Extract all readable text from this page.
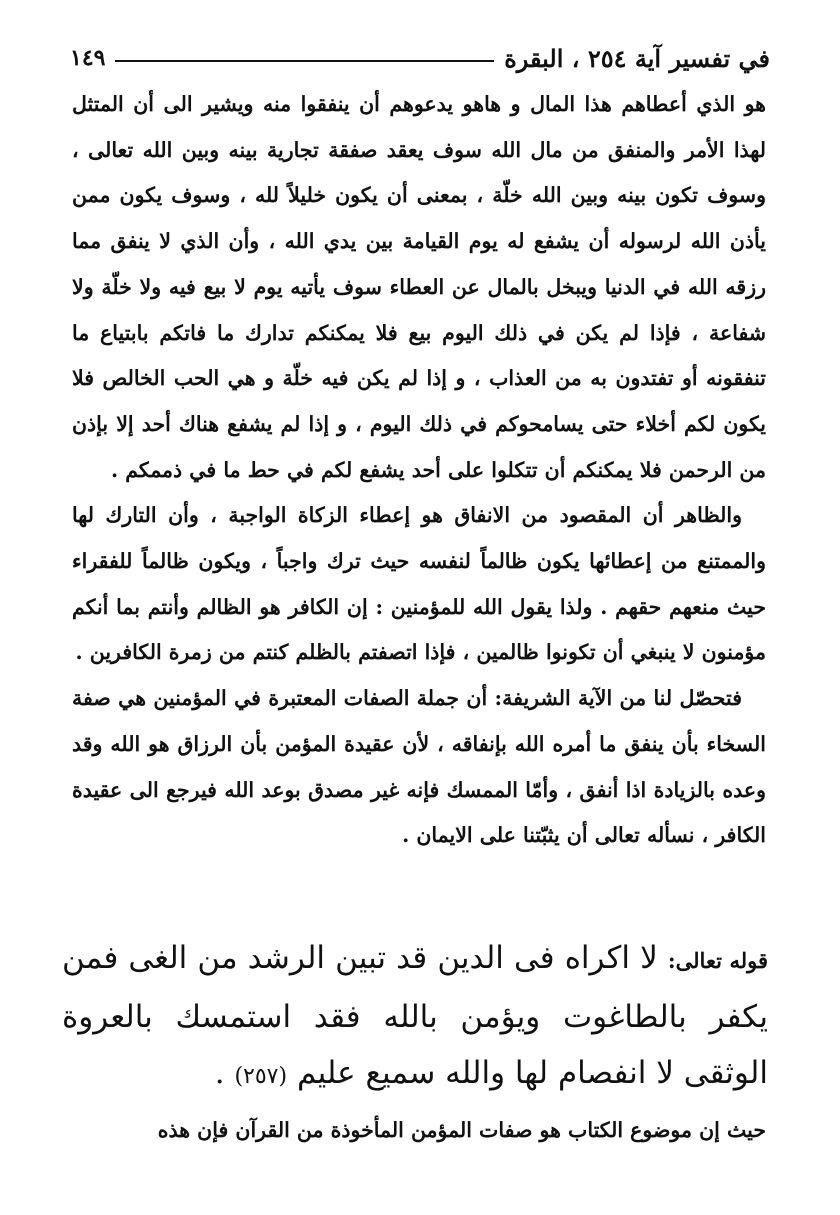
١٤٩	في تفسير آية ٢٥٤ ، البقرة

هو الذي أعطاهم هذا المال و هاهو يدعوهم أن ينفقوا منه ويشير الى أن المتثل لهذا الأمر والمنفق من مال الله سوف يعقد صفقة تجارية بينه وبين الله تعالى ، وسوف تكون بينه وبين الله خلّة ، بمعنى أن يكون خليلاً لله ، وسوف يكون ممن يأذن الله لرسوله أن يشفع له يوم القيامة بين يدي الله ، وأن الذي لا ينفق مما رزقه الله في الدنيا ويبخل بالمال عن العطاء سوف يأتيه يوم لا بيع فيه ولا خلّة ولا شفاعة ، فإذا لم يكن في ذلك اليوم بيع فلا يمكنكم تدارك ما فاتكم بابتياع ما تنفقونه أو تفتدون به من العذاب ، و إذا لم يكن فيه خلّة و هي الحب الخالص فلا يكون لكم أخلاء حتى يسامحوكم في ذلك اليوم ، و إذا لم يشفع هناك أحد إلا بإذن من الرحمن فلا يمكنكم أن تتكلوا على أحد يشفع لكم في حط ما في ذممكم .

والظاهر أن المقصود من الانفاق هو إعطاء الزكاة الواجبة ، وأن التارك لها والممتنع من إعطائها يكون ظالماً لنفسه حيث ترك واجباً ، ويكون ظالماً للفقراء حيث منعهم حقهم . ولذا يقول الله للمؤمنين : إن الكافر هو الظالم وأنتم بما أنكم مؤمنون لا ينبغي أن تكونوا ظالمين ، فإذا اتصفتم بالظلم كنتم من زمرة الكافرين .

فتحصّل لنا من الآية الشريفة: أن جملة الصفات المعتبرة في المؤمنين هي صفة السخاء بأن ينفق ما أمره الله بإنفاقه ، لأن عقيدة المؤمن بأن الرزاق هو الله وقد وعده بالزيادة اذا أنفق ، وأمّا الممسك فإنه غير مصدق بوعد الله فيرجع الى عقيدة الكافر ، نسأله تعالى أن يثبّتنا على الايمان .

قوله تعالى: لا اكراه فى الدين قد تبين الرشد من الغى فمن يكفر بالطاغوت ويؤمن بالله فقد استمسك بالعروة الوثقى لا انفصام لها والله سميع عليم (٢٥٧) .
حيث إن موضوع الكتاب هو صفات المؤمن المأخوذة من القرآن فإن هذه
